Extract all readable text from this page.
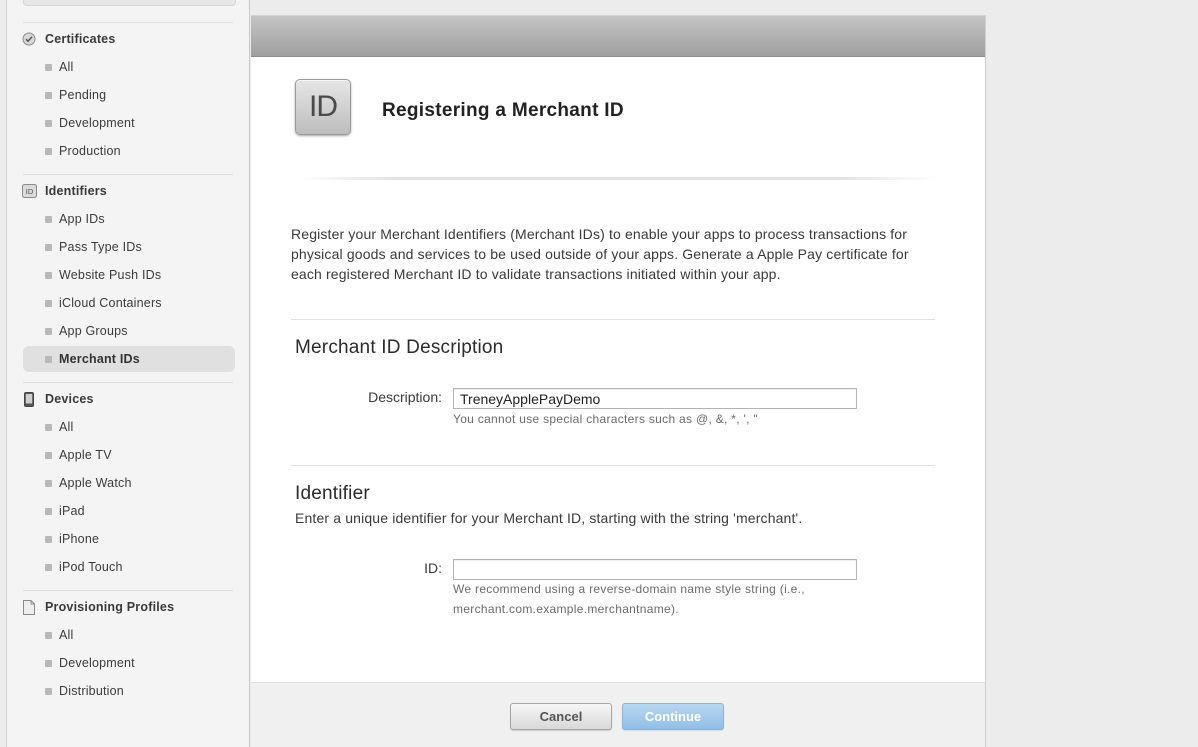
Certificates
All
Pending
Development
Production
ID Identifiers
App IDs
Pass Type IDs
Website Push IDs
iCloud Containers
App Groups
Merchant IDs
Devices
All
Apple TV
Apple Watch
iPad
iPhone
iPod Touch
Provisioning Profiles
All
Development
Distribution
ID	Registering a Merchant ID
Register your Merchant Identifiers (Merchant IDs) to enable your apps to process transactions for physical goods and services to be used outside of your apps. Generate a Apple Pay certificate for each registered Merchant ID to validate transactions initiated within your app.
Merchant ID Description
Description:
TreneyApplePayDemo
You cannot use special characters such as @, &, *, ', "
Identifier
Enter a unique identifier for your Merchant ID, starting with the string 'merchant'.
ID:
We recommend using a reverse-domain name style string (i.e.,
merchant.com.example.merchantname).
Cancel	Continue
